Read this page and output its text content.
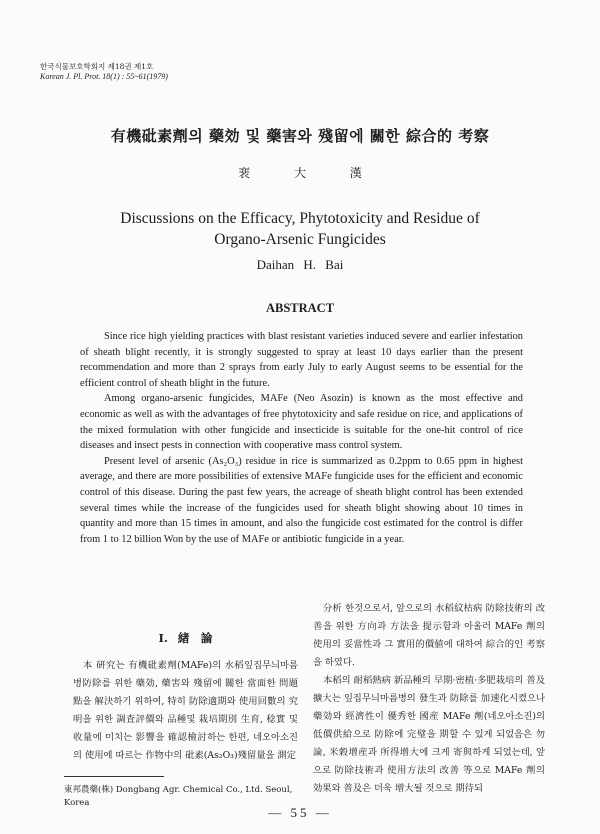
한국식물보호학회지 제18권 제1호
Korean J. Pl. Prot. 18(1) : 55~61(1979)
有機砒素劑의 藥効 및 藥害와 殘留에 關한 綜合的 考察
裵 大 漢
Discussions on the Efficacy, Phytotoxicity and Residue of
Organo-Arsenic Fungicides
Daihan H. Bai
ABSTRACT

Since rice high yielding practices with blast resistant varieties induced severe and earlier infestation of sheath blight recently, it is strongly suggested to spray at least 10 days earlier than the present recommendation and more than 2 sprays from early July to early August seems to be essential for the efficient control of sheath blight in the future.

Among organo-arsenic fungicides, MAFe (Neo Asozin) is known as the most effective and economic as well as with the advantages of free phytotoxicity and safe residue on rice, and applications of the mixed formulation with other fungicide and insecticide is suitable for the one-hit control of rice diseases and insect pests in connection with cooperative mass control system.

Present level of arsenic (As₂O₃) residue in rice is summarized as 0.2ppm to 0.65 ppm in highest average, and there are more possibilities of extensive MAFe fungicide uses for the efficient and economic control of this disease. During the past few years, the acreage of sheath blight control has been extended several times while the increase of the fungicides used for sheath blight showing about 10 times in quantity and more than 15 times in amount, and also the fungicide cost estimated for the control is differ from 1 to 12 billion Won by the use of MAFe or antibiotic fungicide in a year.

I. 緖　論

本 硏究는 有機砒素劑(MAFe)의 水稻잎집무늬마름병防除를 위한 藥効, 藥害와 殘留에 關한 當面한 問題點을 解決하기 위하여, 特히 防除適期와 使用回數의 究明을 위한 調査評價와 品種및 栽培期別 生育, 稔實 및 收量에 미치는 影響을 確認檢討하는 한편, 네오아소진의 使用에 따르는 作物中의 砒素(As₂O₃)殘留量을 測定

分析 한것으로서, 앞으로의 水稻紋枯病 防除技術의 改善을 위한 方向과 方法을 提示함과 아울러 MAFe 劑의 使用의 妥當性과 그 實用的價値에 대하여 綜合的인 考察을 하였다.

本稻의 耐稻熱病 新品種의 早期·密植·多肥栽培의 普及擴大는 잎집무늬마름병의 發生과 防除를 加速化시켰으나 藥効와 經濟性이 優秀한 國産 MAFe 劑(네오아소진)의 低價供給으로 防除에 完璧을 期할 수 있게 되었음은 勿論, 米穀增産과 所得增大에 크게 寄與하게 되었는데, 앞으로 防除技術과 使用方法의 改善 等으로 MAFe 劑의 効果와 普及은 더욱 增大될 것으로 期待되

東邦農藥(株) Dongbang Agr. Chemical Co., Ltd. Seoul, Korea
— 55 —
